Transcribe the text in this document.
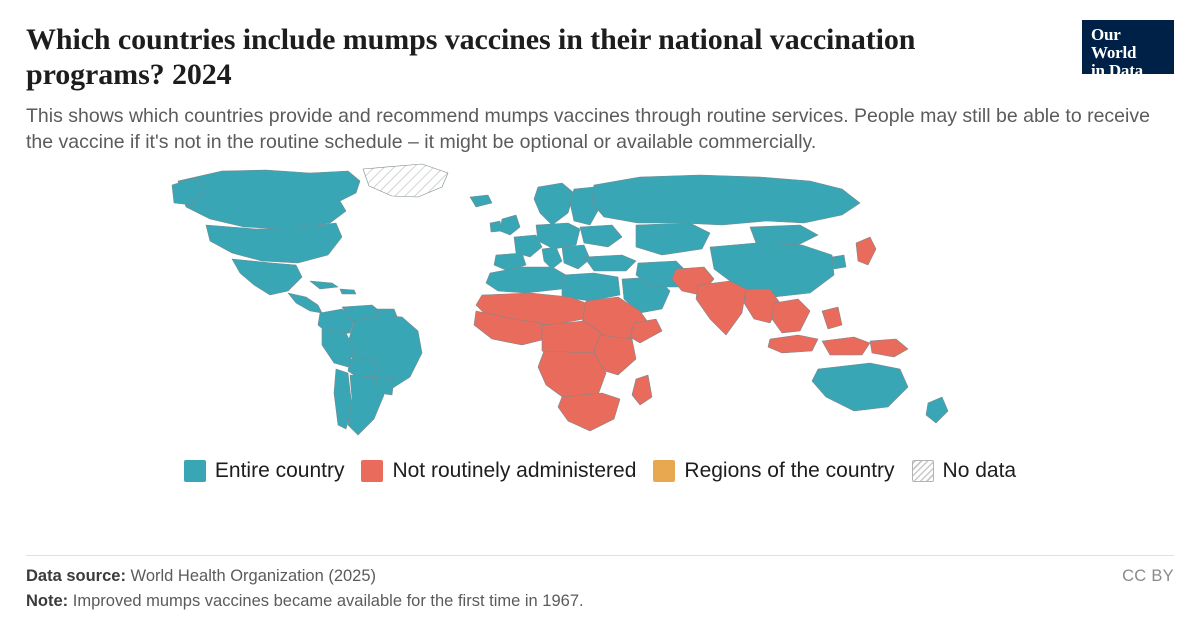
Which countries include mumps vaccines in their national vaccination programs? 2024

This shows which countries provide and recommend mumps vaccines through routine services. People may still be able to receive the vaccine if it's not in the routine schedule – it might be optional or available commercially.

Our World
in Data
Entire country Not routinely administered Regions of the country No data
Data source: World Health Organization (2025)	CC BY
Note: Improved mumps vaccines became available for the first time in 1967.
